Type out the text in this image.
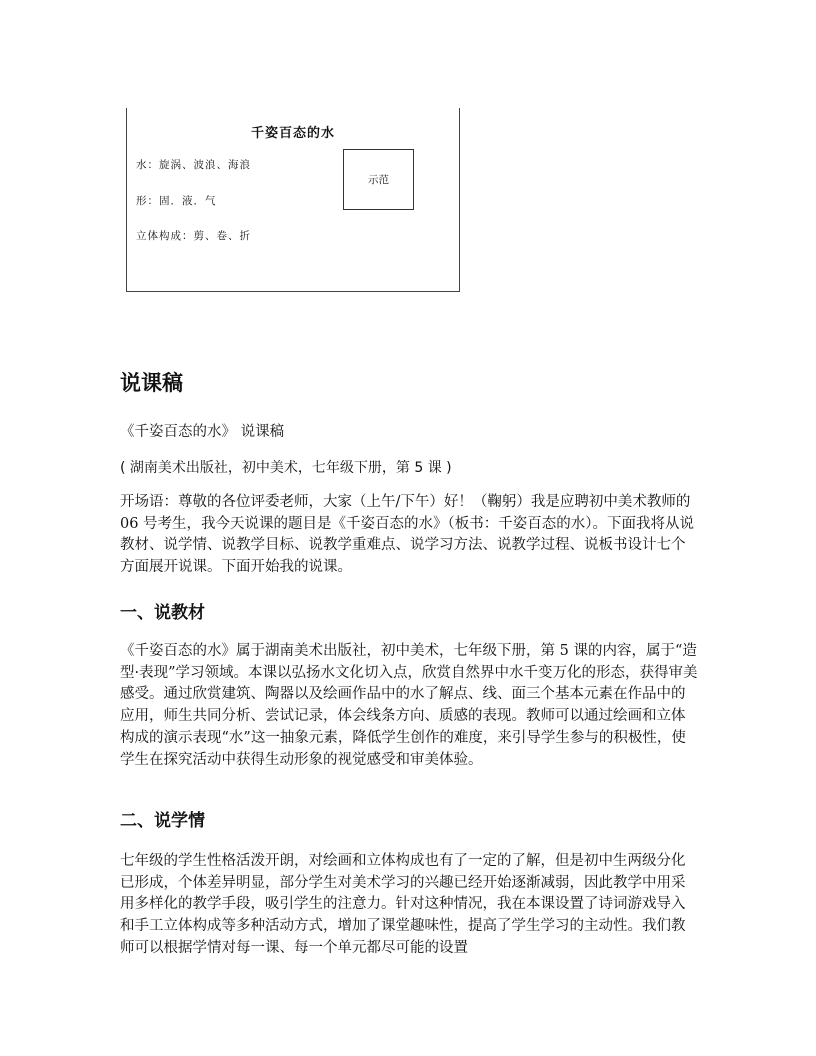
千姿百态的水
水：旋涡、波浪、海浪
形：固．液．气
立体构成：剪、卷、折
示范
说课稿

《千姿百态的水》 说课稿

( 湖南美术出版社，初中美术，七年级下册，第 5 课 )

开场语：尊敬的各位评委老师，大家（上午/下午）好！（鞠躬）我是应聘初中美术教师的 06 号考生，我今天说课的题目是《千姿百态的水》（板书：千姿百态的水）。下面我将从说教材、说学情、说教学目标、说教学重难点、说学习方法、说教学过程、说板书设计七个方面展开说课。下面开始我的说课。

一、说教材

《千姿百态的水》属于湖南美术出版社，初中美术，七年级下册，第 5 课的内容，属于“造型·表现”学习领域。本课以弘扬水文化切入点，欣赏自然界中水千变万化的形态，获得审美感受。通过欣赏建筑、陶器以及绘画作品中的水了解点、线、面三个基本元素在作品中的应用，师生共同分析、尝试记录，体会线条方向、质感的表现。教师可以通过绘画和立体构成的演示表现“水”这一抽象元素，降低学生创作的难度，来引导学生参与的积极性，使学生在探究活动中获得生动形象的视觉感受和审美体验。

二、说学情

七年级的学生性格活泼开朗，对绘画和立体构成也有了一定的了解，但是初中生两级分化已形成，个体差异明显，部分学生对美术学习的兴趣已经开始逐渐减弱，因此教学中用采用多样化的教学手段，吸引学生的注意力。针对这种情况，我在本课设置了诗词游戏导入和手工立体构成等多种活动方式，增加了课堂趣味性，提高了学生学习的主动性。我们教师可以根据学情对每一课、每一个单元都尽可能的设置
